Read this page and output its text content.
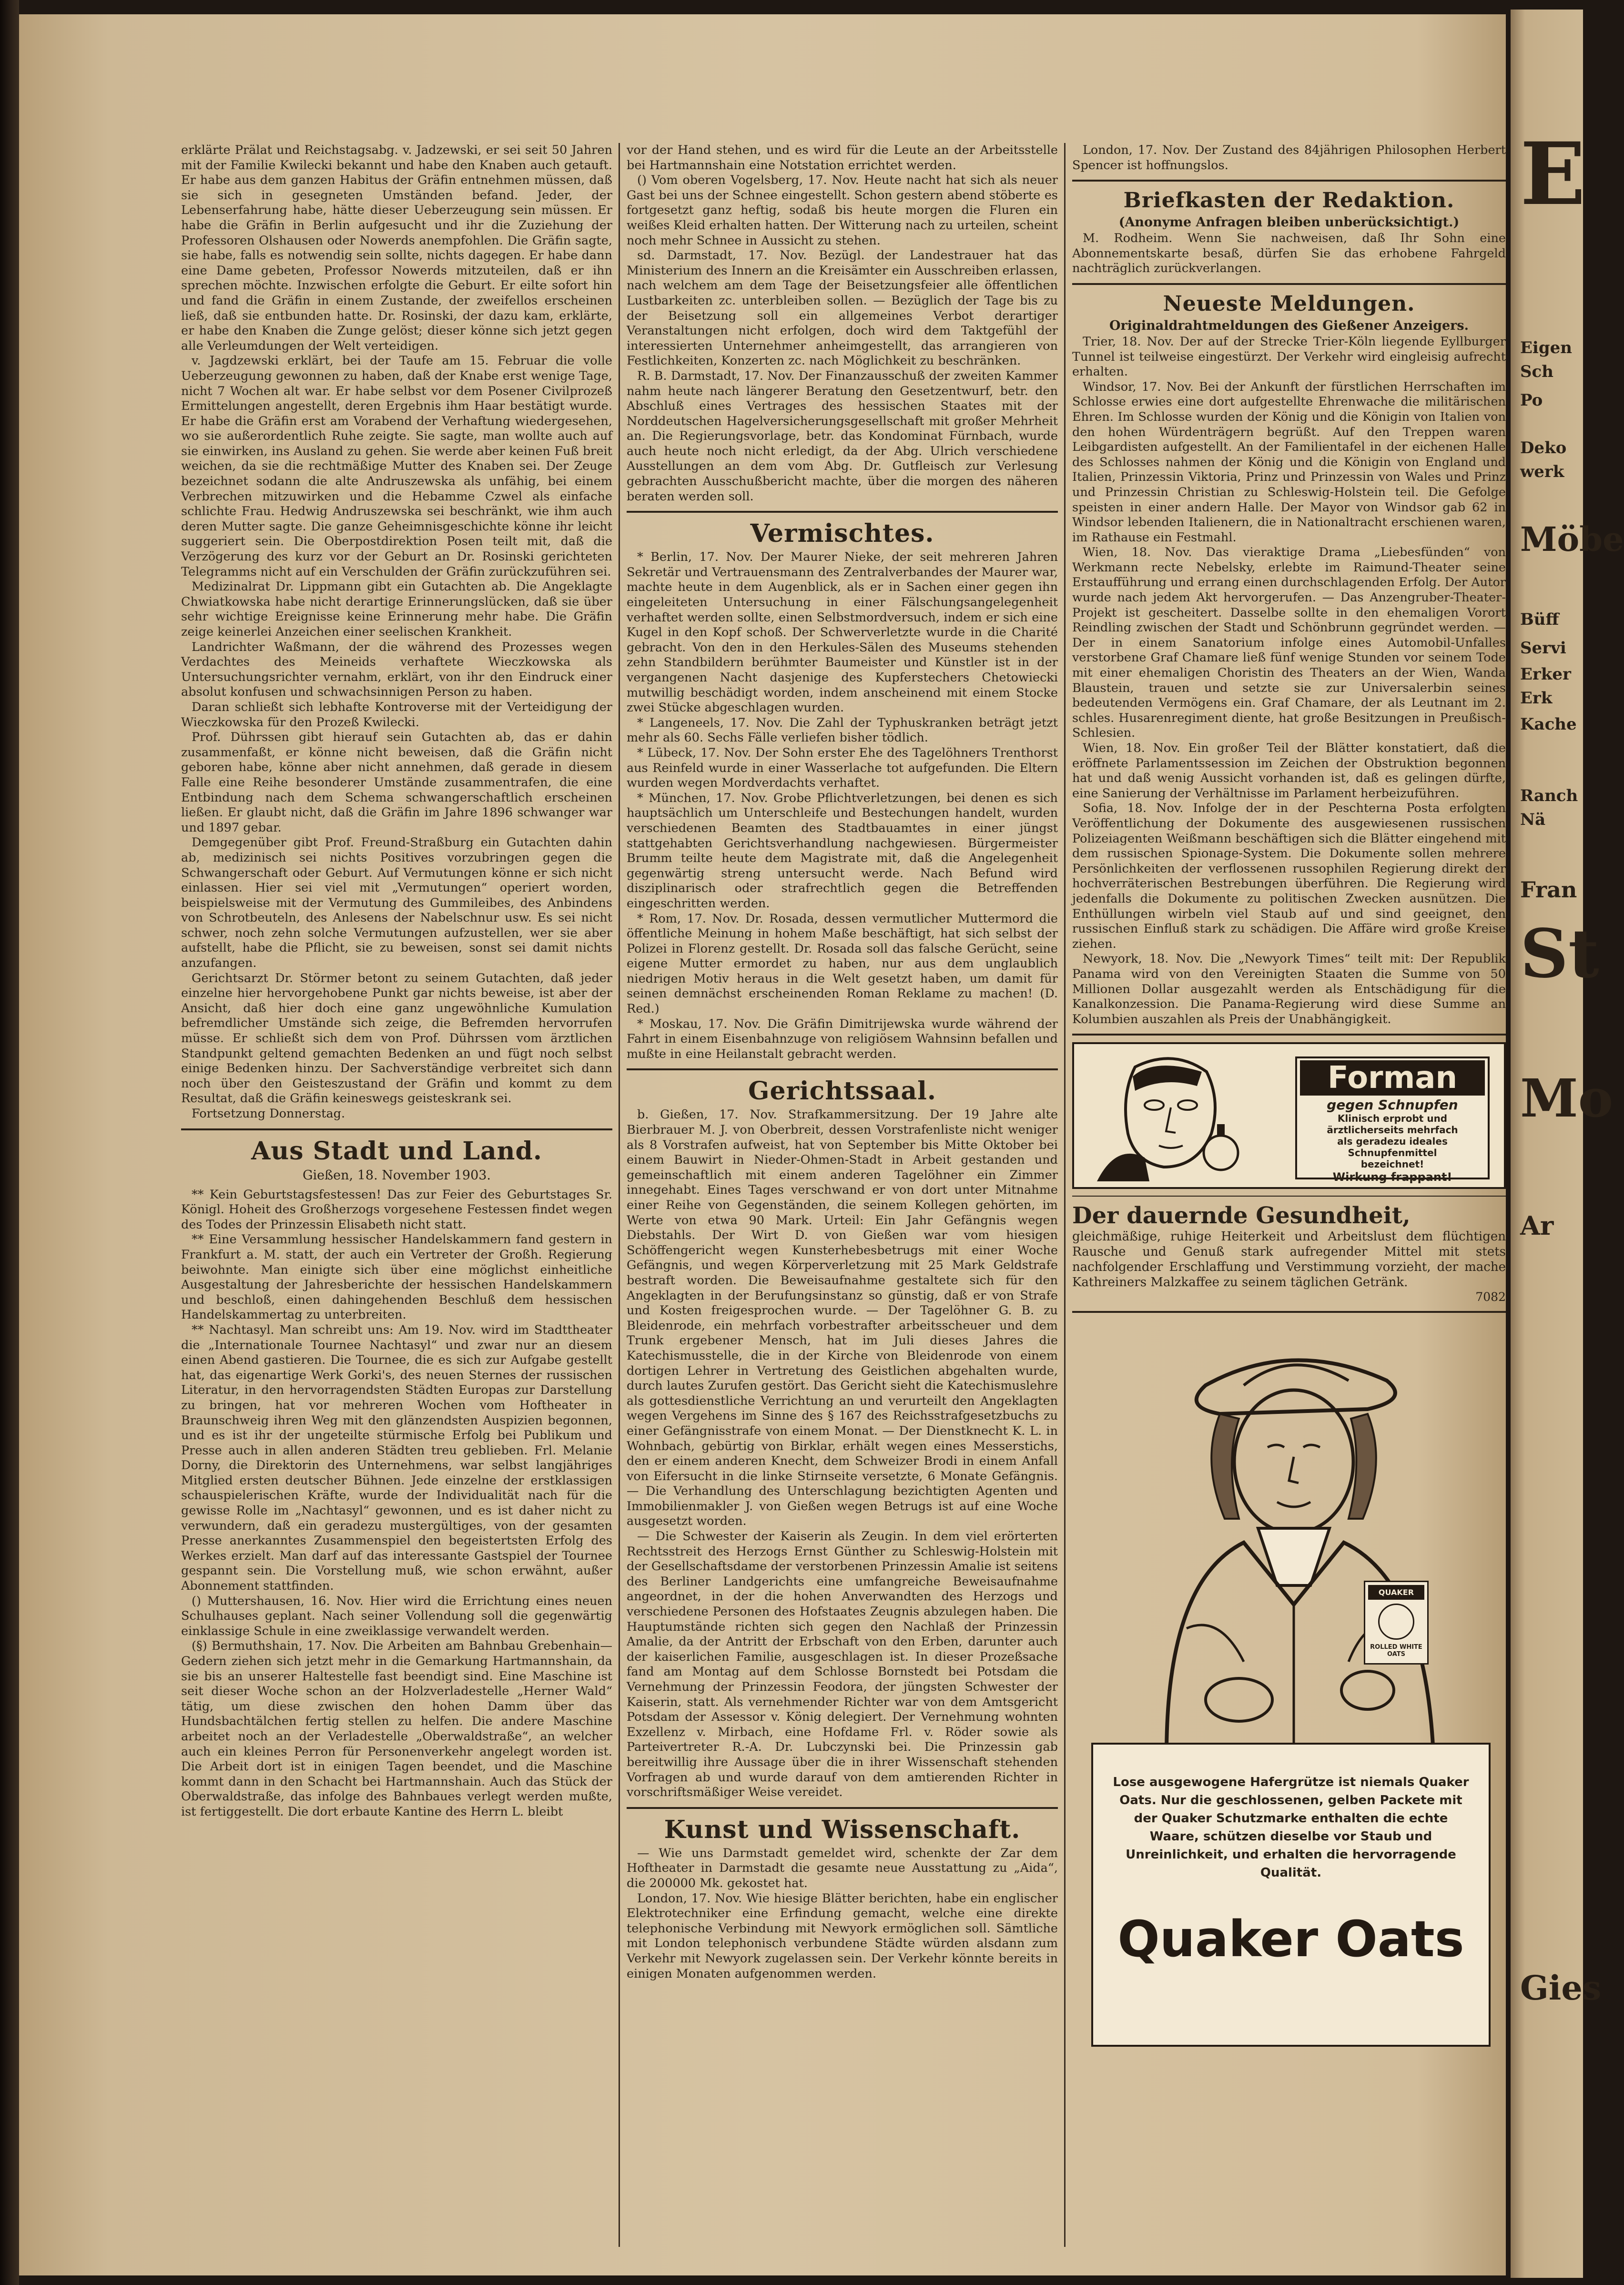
erklärte Prälat und Reichstagsabg. v. Jadzewski, er sei seit 50 Jahren mit der Familie Kwilecki bekannt und habe den Knaben auch getauft. Er habe aus dem ganzen Habitus der Gräfin entnehmen müssen, daß sie sich in gesegneten Umständen befand. Jeder, der Lebenserfahrung habe, hätte dieser Ueberzeugung sein müssen. Er habe die Gräfin in Berlin aufgesucht und ihr die Zuziehung der Professoren Olshausen oder Nowerds anempfohlen. Die Gräfin sagte, sie habe, falls es notwendig sein sollte, nichts dagegen. Er habe dann eine Dame gebeten, Professor Nowerds mitzuteilen, daß er ihn sprechen möchte. Inzwischen erfolgte die Geburt. Er eilte sofort hin und fand die Gräfin in einem Zustande, der zweifellos erscheinen ließ, daß sie entbunden hatte. Dr. Rosinski, der dazu kam, erklärte, er habe den Knaben die Zunge gelöst; dieser könne sich jetzt gegen alle Verleumdungen der Welt verteidigen.

v. Jagdzewski erklärt, bei der Taufe am 15. Februar die volle Ueberzeugung gewonnen zu haben, daß der Knabe erst wenige Tage, nicht 7 Wochen alt war. Er habe selbst vor dem Posener Civilprozeß Ermittelungen angestellt, deren Ergebnis ihm Haar bestätigt wurde. Er habe die Gräfin erst am Vorabend der Verhaftung wiedergesehen, wo sie außerordentlich Ruhe zeigte. Sie sagte, man wollte auch auf sie einwirken, ins Ausland zu gehen. Sie werde aber keinen Fuß breit weichen, da sie die rechtmäßige Mutter des Knaben sei. Der Zeuge bezeichnet sodann die alte Andruszewska als unfähig, bei einem Verbrechen mitzuwirken und die Hebamme Czwel als einfache schlichte Frau. Hedwig Andruszewska sei beschränkt, wie ihm auch deren Mutter sagte. Die ganze Geheimnisgeschichte könne ihr leicht suggeriert sein. Die Oberpostdirektion Posen teilt mit, daß die Verzögerung des kurz vor der Geburt an Dr. Rosinski gerichteten Telegramms nicht auf ein Verschulden der Gräfin zurückzuführen sei.

Medizinalrat Dr. Lippmann gibt ein Gutachten ab. Die Angeklagte Chwiatkowska habe nicht derartige Erinnerungslücken, daß sie über sehr wichtige Ereignisse keine Erinnerung mehr habe. Die Gräfin zeige keinerlei Anzeichen einer seelischen Krankheit.

Landrichter Waßmann, der die während des Prozesses wegen Verdachtes des Meineids verhaftete Wieczkowska als Untersuchungsrichter vernahm, erklärt, von ihr den Eindruck einer absolut konfusen und schwachsinnigen Person zu haben.

Daran schließt sich lebhafte Kontroverse mit der Verteidigung der Wieczkowska für den Prozeß Kwilecki.

Prof. Dührssen gibt hierauf sein Gutachten ab, das er dahin zusammenfaßt, er könne nicht beweisen, daß die Gräfin nicht geboren habe, könne aber nicht annehmen, daß gerade in diesem Falle eine Reihe besonderer Umstände zusammentrafen, die eine Entbindung nach dem Schema schwangerschaftlich erscheinen ließen. Er glaubt nicht, daß die Gräfin im Jahre 1896 schwanger war und 1897 gebar.

Demgegenüber gibt Prof. Freund-Straßburg ein Gutachten dahin ab, medizinisch sei nichts Positives vorzubringen gegen die Schwangerschaft oder Geburt. Auf Vermutungen könne er sich nicht einlassen. Hier sei viel mit „Vermutungen“ operiert worden, beispielsweise mit der Vermutung des Gummileibes, des Anbindens von Schrotbeuteln, des Anlesens der Nabelschnur usw. Es sei nicht schwer, noch zehn solche Vermutungen aufzustellen, wer sie aber aufstellt, habe die Pflicht, sie zu beweisen, sonst sei damit nichts anzufangen.

Gerichtsarzt Dr. Störmer betont zu seinem Gutachten, daß jeder einzelne hier hervorgehobene Punkt gar nichts beweise, ist aber der Ansicht, daß hier doch eine ganz ungewöhnliche Kumulation befremdlicher Umstände sich zeige, die Befremden hervorrufen müsse. Er schließt sich dem von Prof. Dührssen vom ärztlichen Standpunkt geltend gemachten Bedenken an und fügt noch selbst einige Bedenken hinzu. Der Sachverständige verbreitet sich dann noch über den Geisteszustand der Gräfin und kommt zu dem Resultat, daß die Gräfin keineswegs geisteskrank sei.

Fortsetzung Donnerstag.

Aus Stadt und Land.
Gießen, 18. November 1903.

** Kein Geburtstagsfestessen! Das zur Feier des Geburtstages Sr. Königl. Hoheit des Großherzogs vorgesehene Festessen findet wegen des Todes der Prinzessin Elisabeth nicht statt.

** Eine Versammlung hessischer Handelskammern fand gestern in Frankfurt a. M. statt, der auch ein Vertreter der Großh. Regierung beiwohnte. Man einigte sich über eine möglichst einheitliche Ausgestaltung der Jahresberichte der hessischen Handelskammern und beschloß, einen dahingehenden Beschluß dem hessischen Handelskammertag zu unterbreiten.

** Nachtasyl. Man schreibt uns: Am 19. Nov. wird im Stadttheater die „Internationale Tournee Nachtasyl“ und zwar nur an diesem einen Abend gastieren. Die Tournee, die es sich zur Aufgabe gestellt hat, das eigenartige Werk Gorki's, des neuen Sternes der russischen Literatur, in den hervorragendsten Städten Europas zur Darstellung zu bringen, hat vor mehreren Wochen vom Hoftheater in Braunschweig ihren Weg mit den glänzendsten Auspizien begonnen, und es ist ihr der ungeteilte stürmische Erfolg bei Publikum und Presse auch in allen anderen Städten treu geblieben. Frl. Melanie Dorny, die Direktorin des Unternehmens, war selbst langjähriges Mitglied ersten deutscher Bühnen. Jede einzelne der erstklassigen schauspielerischen Kräfte, wurde der Individualität nach für die gewisse Rolle im „Nachtasyl“ gewonnen, und es ist daher nicht zu verwundern, daß ein geradezu mustergültiges, von der gesamten Presse anerkanntes Zusammenspiel den begeistertsten Erfolg des Werkes erzielt. Man darf auf das interessante Gastspiel der Tournee gespannt sein. Die Vorstellung muß, wie schon erwähnt, außer Abonnement stattfinden.

() Muttershausen, 16. Nov. Hier wird die Errichtung eines neuen Schulhauses geplant. Nach seiner Vollendung soll die gegenwärtig einklassige Schule in eine zweiklassige verwandelt werden.

(§) Bermuthshain, 17. Nov. Die Arbeiten am Bahnbau Grebenhain—Gedern ziehen sich jetzt mehr in die Gemarkung Hartmannshain, da sie bis an unserer Haltestelle fast beendigt sind. Eine Maschine ist seit dieser Woche schon an der Holzverladestelle „Herner Wald“ tätig, um diese zwischen den hohen Damm über das Hundsbachtälchen fertig stellen zu helfen. Die andere Maschine arbeitet noch an der Verladestelle „Oberwaldstraße“, an welcher auch ein kleines Perron für Personenverkehr angelegt worden ist. Die Arbeit dort ist in einigen Tagen beendet, und die Maschine kommt dann in den Schacht bei Hartmannshain. Auch das Stück der Oberwaldstraße, das infolge des Bahnbaues verlegt werden mußte, ist fertiggestellt. Die dort erbaute Kantine des Herrn L. bleibt

vor der Hand stehen, und es wird für die Leute an der Arbeitsstelle bei Hartmannshain eine Notstation errichtet werden.

() Vom oberen Vogelsberg, 17. Nov. Heute nacht hat sich als neuer Gast bei uns der Schnee eingestellt. Schon gestern abend stöberte es fortgesetzt ganz heftig, sodaß bis heute morgen die Fluren ein weißes Kleid erhalten hatten. Der Witterung nach zu urteilen, scheint noch mehr Schnee in Aussicht zu stehen.

sd. Darmstadt, 17. Nov. Bezügl. der Landestrauer hat das Ministerium des Innern an die Kreisämter ein Ausschreiben erlassen, nach welchem am dem Tage der Beisetzungsfeier alle öffentlichen Lustbarkeiten zc. unterbleiben sollen. — Bezüglich der Tage bis zu der Beisetzung soll ein allgemeines Verbot derartiger Veranstaltungen nicht erfolgen, doch wird dem Taktgefühl der interessierten Unternehmer anheimgestellt, das arrangieren von Festlichkeiten, Konzerten zc. nach Möglichkeit zu beschränken.

R. B. Darmstadt, 17. Nov. Der Finanzausschuß der zweiten Kammer nahm heute nach längerer Beratung den Gesetzentwurf, betr. den Abschluß eines Vertrages des hessischen Staates mit der Norddeutschen Hagelversicherungsgesellschaft mit großer Mehrheit an. Die Regierungsvorlage, betr. das Kondominat Fürnbach, wurde auch heute noch nicht erledigt, da der Abg. Ulrich verschiedene Ausstellungen an dem vom Abg. Dr. Gutfleisch zur Verlesung gebrachten Ausschußbericht machte, über die morgen des näheren beraten werden soll.

Vermischtes.

* Berlin, 17. Nov. Der Maurer Nieke, der seit mehreren Jahren Sekretär und Vertrauensmann des Zentralverbandes der Maurer war, machte heute in dem Augenblick, als er in Sachen einer gegen ihn eingeleiteten Untersuchung in einer Fälschungsangelegenheit verhaftet werden sollte, einen Selbstmordversuch, indem er sich eine Kugel in den Kopf schoß. Der Schwerverletzte wurde in die Charité gebracht. Von den in den Herkules-Sälen des Museums stehenden zehn Standbildern berühmter Baumeister und Künstler ist in der vergangenen Nacht dasjenige des Kupferstechers Chetowiecki mutwillig beschädigt worden, indem anscheinend mit einem Stocke zwei Stücke abgeschlagen wurden.

* Langeneels, 17. Nov. Die Zahl der Typhuskranken beträgt jetzt mehr als 60. Sechs Fälle verliefen bisher tödlich.

* Lübeck, 17. Nov. Der Sohn erster Ehe des Tagelöhners Trenthorst aus Reinfeld wurde in einer Wasserlache tot aufgefunden. Die Eltern wurden wegen Mordverdachts verhaftet.

* München, 17. Nov. Grobe Pflichtverletzungen, bei denen es sich hauptsächlich um Unterschleife und Bestechungen handelt, wurden verschiedenen Beamten des Stadtbauamtes in einer jüngst stattgehabten Gerichtsverhandlung nachgewiesen. Bürgermeister Brumm teilte heute dem Magistrate mit, daß die Angelegenheit gegenwärtig streng untersucht werde. Nach Befund wird disziplinarisch oder strafrechtlich gegen die Betreffenden eingeschritten werden.

* Rom, 17. Nov. Dr. Rosada, dessen vermutlicher Muttermord die öffentliche Meinung in hohem Maße beschäftigt, hat sich selbst der Polizei in Florenz gestellt. Dr. Rosada soll das falsche Gerücht, seine eigene Mutter ermordet zu haben, nur aus dem unglaublich niedrigen Motiv heraus in die Welt gesetzt haben, um damit für seinen demnächst erscheinenden Roman Reklame zu machen! (D. Red.)

* Moskau, 17. Nov. Die Gräfin Dimitrijewska wurde während der Fahrt in einem Eisenbahnzuge von religiösem Wahnsinn befallen und mußte in eine Heilanstalt gebracht werden.

Gerichtssaal.

b. Gießen, 17. Nov. Strafkammersitzung. Der 19 Jahre alte Bierbrauer M. J. von Oberbreit, dessen Vorstrafenliste nicht weniger als 8 Vorstrafen aufweist, hat von September bis Mitte Oktober bei einem Bauwirt in Nieder-Ohmen-Stadt in Arbeit gestanden und gemeinschaftlich mit einem anderen Tagelöhner ein Zimmer innegehabt. Eines Tages verschwand er von dort unter Mitnahme einer Reihe von Gegenständen, die seinem Kollegen gehörten, im Werte von etwa 90 Mark. Urteil: Ein Jahr Gefängnis wegen Diebstahls. Der Wirt D. von Gießen war vom hiesigen Schöffengericht wegen Kunsterhebesbetrugs mit einer Woche Gefängnis, und wegen Körperverletzung mit 25 Mark Geldstrafe bestraft worden. Die Beweisaufnahme gestaltete sich für den Angeklagten in der Berufungsinstanz so günstig, daß er von Strafe und Kosten freigesprochen wurde. — Der Tagelöhner G. B. zu Bleidenrode, ein mehrfach vorbestrafter arbeitsscheuer und dem Trunk ergebener Mensch, hat im Juli dieses Jahres die Katechismusstelle, die in der Kirche von Bleidenrode von einem dortigen Lehrer in Vertretung des Geistlichen abgehalten wurde, durch lautes Zurufen gestört. Das Gericht sieht die Katechismuslehre als gottesdienstliche Verrichtung an und verurteilt den Angeklagten wegen Vergehens im Sinne des § 167 des Reichsstrafgesetzbuchs zu einer Gefängnisstrafe von einem Monat. — Der Dienstknecht K. L. in Wohnbach, gebürtig von Birklar, erhält wegen eines Messerstichs, den er einem anderen Knecht, dem Schweizer Brodi in einem Anfall von Eifersucht in die linke Stirnseite versetzte, 6 Monate Gefängnis. — Die Verhandlung des Unterschlagung bezichtigten Agenten und Immobilienmakler J. von Gießen wegen Betrugs ist auf eine Woche ausgesetzt worden.

— Die Schwester der Kaiserin als Zeugin. In dem viel erörterten Rechtsstreit des Herzogs Ernst Günther zu Schleswig-Holstein mit der Gesellschaftsdame der verstorbenen Prinzessin Amalie ist seitens des Berliner Landgerichts eine umfangreiche Beweisaufnahme angeordnet, in der die hohen Anverwandten des Herzogs und verschiedene Personen des Hofstaates Zeugnis abzulegen haben. Die Hauptumstände richten sich gegen den Nachlaß der Prinzessin Amalie, da der Antritt der Erbschaft von den Erben, darunter auch der kaiserlichen Familie, ausgeschlagen ist. In dieser Prozeßsache fand am Montag auf dem Schlosse Bornstedt bei Potsdam die Vernehmung der Prinzessin Feodora, der jüngsten Schwester der Kaiserin, statt. Als vernehmender Richter war von dem Amtsgericht Potsdam der Assessor v. König delegiert. Der Vernehmung wohnten Exzellenz v. Mirbach, eine Hofdame Frl. v. Röder sowie als Parteivertreter R.-A. Dr. Lubczynski bei. Die Prinzessin gab bereitwillig ihre Aussage über die in ihrer Wissenschaft stehenden Vorfragen ab und wurde darauf von dem amtierenden Richter in vorschriftsmäßiger Weise vereidet.

Kunst und Wissenschaft.

— Wie uns Darmstadt gemeldet wird, schenkte der Zar dem Hoftheater in Darmstadt die gesamte neue Ausstattung zu „Aida“, die 200000 Mk. gekostet hat.

London, 17. Nov. Wie hiesige Blätter berichten, habe ein englischer Elektrotechniker eine Erfindung gemacht, welche eine direkte telephonische Verbindung mit Newyork ermöglichen soll. Sämtliche mit London telephonisch verbundene Städte würden alsdann zum Verkehr mit Newyork zugelassen sein. Der Verkehr könnte bereits in einigen Monaten aufgenommen werden.

London, 17. Nov. Der Zustand des 84jährigen Philosophen Herbert Spencer ist hoffnungslos.

Briefkasten der Redaktion.
(Anonyme Anfragen bleiben unberücksichtigt.)

M. Rodheim. Wenn Sie nachweisen, daß Ihr Sohn eine Abonnementskarte besaß, dürfen Sie das erhobene Fahrgeld nachträglich zurückverlangen.

Neueste Meldungen.
Originaldrahtmeldungen des Gießener Anzeigers.

Trier, 18. Nov. Der auf der Strecke Trier-Köln liegende Eyllburger Tunnel ist teilweise eingestürzt. Der Verkehr wird eingleisig aufrecht erhalten.

Windsor, 17. Nov. Bei der Ankunft der fürstlichen Herrschaften im Schlosse erwies eine dort aufgestellte Ehrenwache die militärischen Ehren. Im Schlosse wurden der König und die Königin von Italien von den hohen Würdenträgern begrüßt. Auf den Treppen waren Leibgardisten aufgestellt. An der Familientafel in der eichenen Halle des Schlosses nahmen der König und die Königin von England und Italien, Prinzessin Viktoria, Prinz und Prinzessin von Wales und Prinz und Prinzessin Christian zu Schleswig-Holstein teil. Die Gefolge speisten in einer andern Halle. Der Mayor von Windsor gab 62 in Windsor lebenden Italienern, die in Nationaltracht erschienen waren, im Rathause ein Festmahl.

Wien, 18. Nov. Das vieraktige Drama „Liebesfünden“ von Werkmann recte Nebelsky, erlebte im Raimund-Theater seine Erstaufführung und errang einen durchschlagenden Erfolg. Der Autor wurde nach jedem Akt hervorgerufen. — Das Anzengruber-Theater-Projekt ist gescheitert. Dasselbe sollte in den ehemaligen Vorort Reindling zwischen der Stadt und Schönbrunn gegründet werden. — Der in einem Sanatorium infolge eines Automobil-Unfalles verstorbene Graf Chamare ließ fünf wenige Stunden vor seinem Tode mit einer ehemaligen Choristin des Theaters an der Wien, Wanda Blaustein, trauen und setzte sie zur Universalerbin seines bedeutenden Vermögens ein. Graf Chamare, der als Leutnant im 2. schles. Husarenregiment diente, hat große Besitzungen in Preußisch-Schlesien.

Wien, 18. Nov. Ein großer Teil der Blätter konstatiert, daß die eröffnete Parlamentssession im Zeichen der Obstruktion begonnen hat und daß wenig Aussicht vorhanden ist, daß es gelingen dürfte, eine Sanierung der Verhältnisse im Parlament herbeizuführen.

Sofia, 18. Nov. Infolge der in der Peschterna Posta erfolgten Veröffentlichung der Dokumente des ausgewiesenen russischen Polizeiagenten Weißmann beschäftigen sich die Blätter eingehend mit dem russischen Spionage-System. Die Dokumente sollen mehrere Persönlichkeiten der verflossenen russophilen Regierung direkt der hochverräterischen Bestrebungen überführen. Die Regierung wird jedenfalls die Dokumente zu politischen Zwecken ausnützen. Die Enthüllungen wirbeln viel Staub auf und sind geeignet, den russischen Einfluß stark zu schädigen. Die Affäre wird große Kreise ziehen.

Newyork, 18. Nov. Die „Newyork Times“ teilt mit: Der Republik Panama wird von den Vereinigten Staaten die Summe von 50 Millionen Dollar ausgezahlt werden als Entschädigung für die Kanalkonzession. Die Panama-Regierung wird diese Summe an Kolumbien auszahlen als Preis der Unabhängigkeit.

Forman
gegen Schnupfen
Klinisch erprobt und
ärztlicherseits mehrfach
als geradezu ideales
Schnupfenmittel
bezeichnet!
Wirkung frappant!
Der dauernde Gesundheit,

gleichmäßige, ruhige Heiterkeit und Arbeitslust dem flüchtigen Rausche und Genuß stark aufregender Mittel mit stets nachfolgender Erschlaffung und Verstimmung vorzieht, der mache Kathreiners Malzkaffee zu seinem täglichen Getränk.

7082

QUAKER
ROLLED WHITE OATS
Lose ausgewogene Hafergrütze ist niemals Quaker Oats. Nur die geschlossenen, gelben Packete mit der Quaker Schutzmarke enthalten die echte Waare, schützen dieselbe vor Staub und Unreinlichkeit, und erhalten die hervorragende Qualität.
Quaker Oats
E
Eigen
Sch
Po
Deko
werk
Möbe
Büff
Servi
Erker
Erk
Kache
Ranch
Nä
Fran
St
Mo
Ar
Gies
